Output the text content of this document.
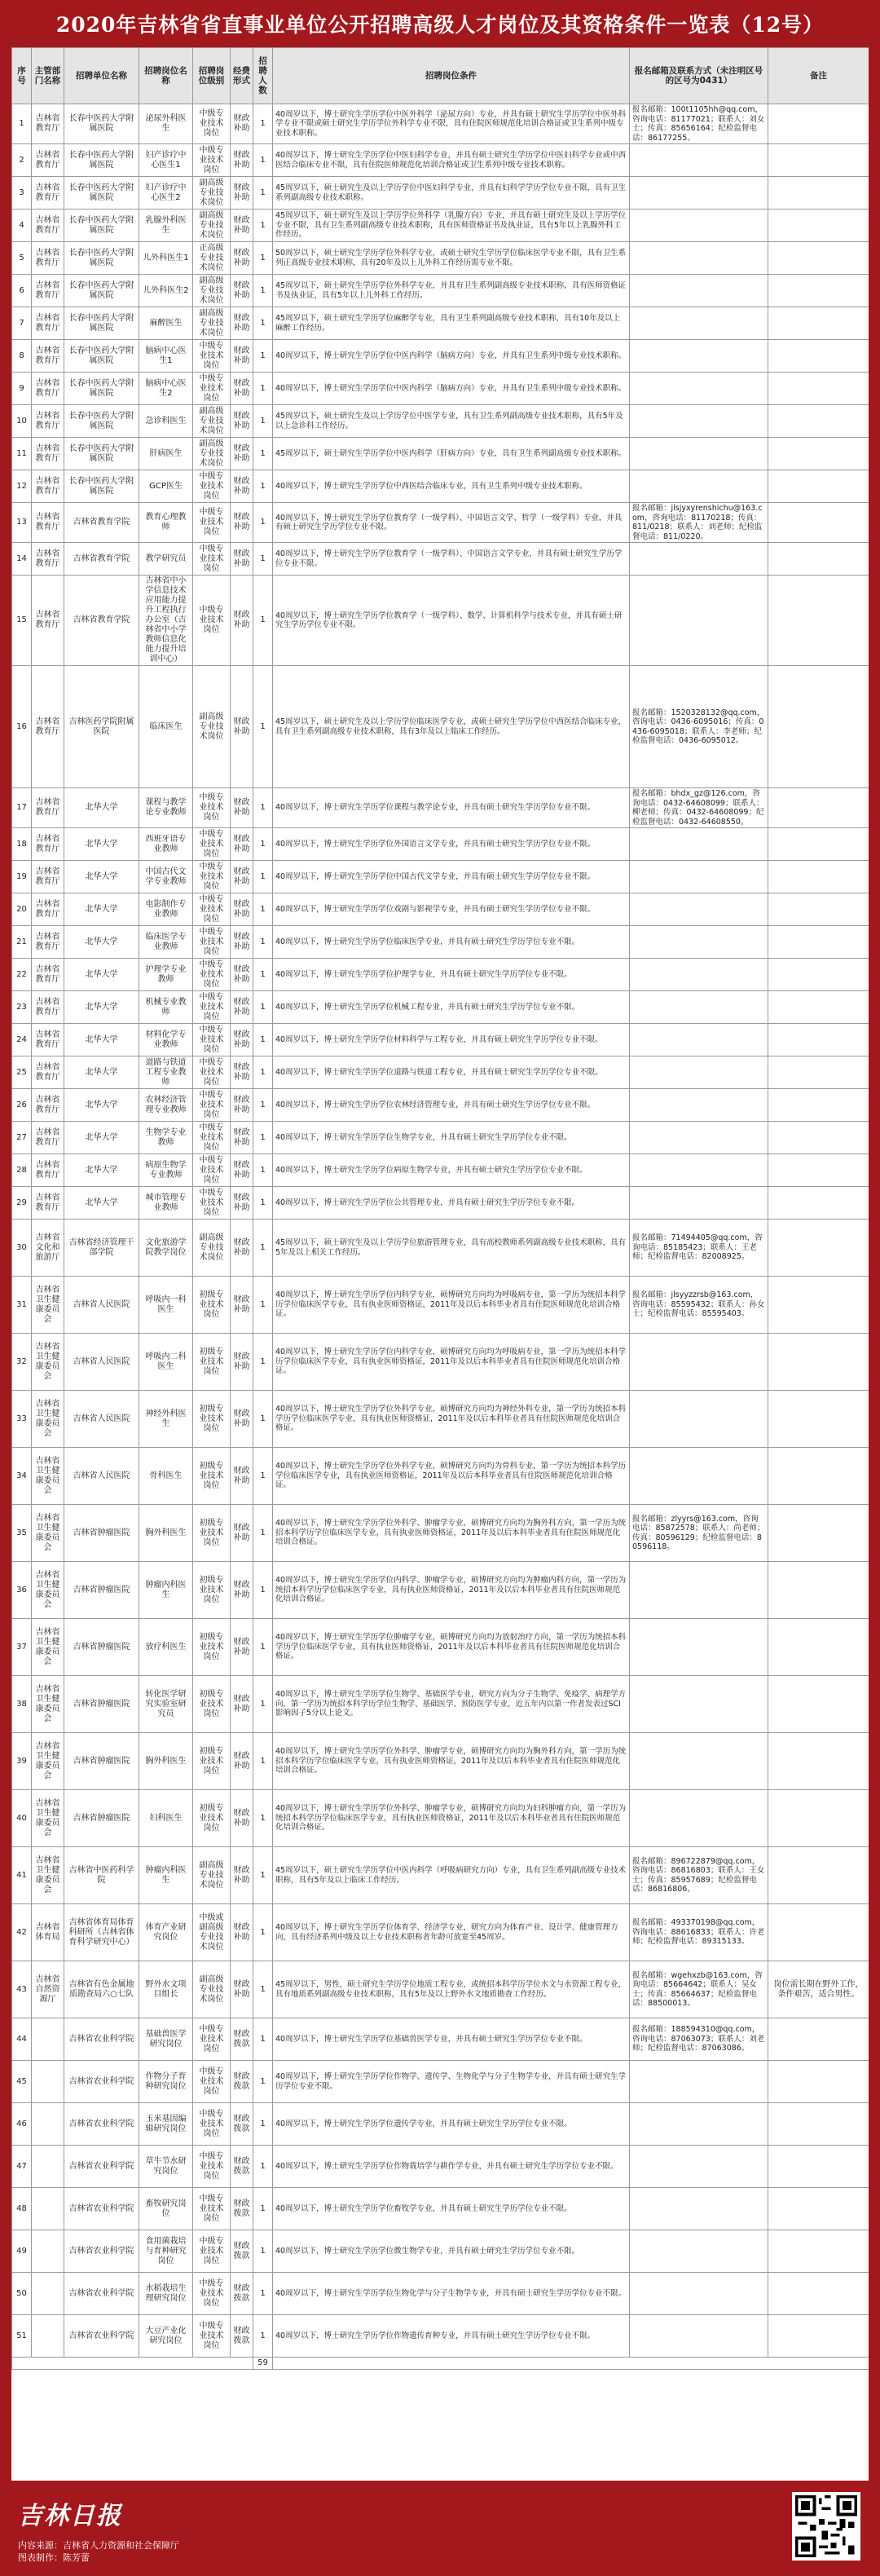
2020年吉林省省直事业单位公开招聘高级人才岗位及其资格条件一览表（12号）
序号	主管部门名称	招聘单位名称	招聘岗位名称	招聘岗位级别	经费形式	招聘人数	招聘岗位条件	报名邮箱及联系方式（未注明区号的区号为0431）	备注
1	吉林省教育厅	长春中医药大学附属医院	泌尿外科医生	中级专业技术岗位	财政补助	1	40周岁以下，博士研究生学历学位中医外科学（泌尿方向）专业，并具有硕士研究生学历学位中医外科学专业不限或硕士研究生学历学位外科学专业不限，具有住院医师规范化培训合格证或卫生系列中级专业技术职称。	报名邮箱：100t1105hh@qq.com，咨询电话：81177021；联系人：刘女士；传真：85656164；纪检监督电话：86177255。	
2	吉林省教育厅	长春中医药大学附属医院	妇产诊疗中心医生1	中级专业技术岗位	财政补助	1	40周岁以下，博士研究生学历学位中医妇科学专业，并具有硕士研究生学历学位中医妇科学专业或中西医结合临床专业不限，具有住院医师规范化培训合格证或卫生系列中级专业技术职称。		
3	吉林省教育厅	长春中医药大学附属医院	妇产诊疗中心医生2	副高级专业技术岗位	财政补助	1	45周岁以下，硕士研究生及以上学历学位中医妇科学专业，并具有妇科学学历学位专业不限，具有卫生系列副高级专业技术职称。		
4	吉林省教育厅	长春中医药大学附属医院	乳腺外科医生	副高级专业技术岗位	财政补助	1	45周岁以下，硕士研究生及以上学历学位外科学（乳腺方向）专业，并具有硕士研究生及以上学历学位专业不限，具有卫生系列副高级专业技术职称，具有医师资格证书及执业证，具有5年以上乳腺外科工作经历。		
5	吉林省教育厅	长春中医药大学附属医院	儿外科医生1	正高级专业技术岗位	财政补助	1	50周岁以下，硕士研究生学历学位外科学专业，或硕士研究生学历学位临床医学专业不限，具有卫生系列正高级专业技术职称，具有20年及以上儿外科工作经历需专业不限。		
6	吉林省教育厅	长春中医药大学附属医院	儿外科医生2	副高级专业技术岗位	财政补助	1	45周岁以下，硕士研究生学历学位外科学专业，并具有卫生系列副高级专业技术职称，具有医师资格证书及执业证，具有5年以上儿外科工作经历。		
7	吉林省教育厅	长春中医药大学附属医院	麻醉医生	副高级专业技术岗位	财政补助	1	45周岁以下，硕士研究生学历学位麻醉学专业，具有卫生系列副高级专业技术职称，具有10年及以上麻醉工作经历。		
8	吉林省教育厅	长春中医药大学附属医院	脑病中心医生1	中级专业技术岗位	财政补助	1	40周岁以下，博士研究生学历学位中医内科学（脑病方向）专业，并具有卫生系列中级专业技术职称。		
9	吉林省教育厅	长春中医药大学附属医院	脑病中心医生2	中级专业技术岗位	财政补助	1	40周岁以下，博士研究生学历学位中医内科学（脑病方向）专业，并具有卫生系列中级专业技术职称。		
10	吉林省教育厅	长春中医药大学附属医院	急诊科医生	副高级专业技术岗位	财政补助	1	45周岁以下，硕士研究生及以上学历学位中医学专业，具有卫生系列副高级专业技术职称，具有5年及以上急诊科工作经历。		
11	吉林省教育厅	长春中医药大学附属医院	肝病医生	副高级专业技术岗位	财政补助	1	45周岁以下，硕士研究生学历学位中医内科学（肝病方向）专业，具有卫生系列副高级专业技术职称。		
12	吉林省教育厅	长春中医药大学附属医院	GCP医生	中级专业技术岗位	财政补助	1	40周岁以下，博士研究生学历学位中西医结合临床专业，具有卫生系列中级专业技术职称。		
13	吉林省教育厅	吉林省教育学院	教育心理教师	中级专业技术岗位	财政补助	1	40周岁以下，博士研究生学历学位教育学（一级学科）、中国语言文学、哲学（一级学科）专业，并具有硕士研究生学历学位专业不限。	报名邮箱：jlsjyxyrenshichu@163.com，咨询电话：81170218；传真：811/0218；联系人：刘老师；纪检监督电话：811/0220。	
14	吉林省教育厅	吉林省教育学院	教学研究员	中级专业技术岗位	财政补助	1	40周岁以下，博士研究生学历学位教育学（一级学科）、中国语言文学专业，并具有硕士研究生学历学位专业不限。		
15	吉林省教育厅	吉林省教育学院	吉林省中小学信息技术应用能力提升工程执行办公室（吉林省中小学教师信息化能力提升培训中心）	中级专业技术岗位	财政补助	1	40周岁以下，博士研究生学历学位教育学（一级学科）、数学、计算机科学与技术专业，并具有硕士研究生学历学位专业不限。		
16	吉林省教育厅	吉林医药学院附属医院	临床医生	副高级专业技术岗位	财政补助	1	45周岁以下，硕士研究生及以上学历学位临床医学专业，或硕士研究生学历学位中西医结合临床专业，具有卫生系列副高级专业技术职称，具有3年及以上临床工作经历。	报名邮箱：1520328132@qq.com，咨询电话：0436-6095016；传真：0436-6095018；联系人：李老师；纪检监督电话：0436-6095012。	
17	吉林省教育厅	北华大学	课程与教学论专业教师	中级专业技术岗位	财政补助	1	40周岁以下，博士研究生学历学位课程与教学论专业，并具有硕士研究生学历学位专业不限。	报名邮箱：bhdx_gz@126.com，咨询电话：0432-64608099；联系人：柳老师；传真：0432-64608099；纪检监督电话：0432-64608550。	
18	吉林省教育厅	北华大学	西班牙语专业教师	中级专业技术岗位	财政补助	1	40周岁以下，博士研究生学历学位外国语言文学专业，并具有硕士研究生学历学位专业不限。		
19	吉林省教育厅	北华大学	中国古代文学专业教师	中级专业技术岗位	财政补助	1	40周岁以下，博士研究生学历学位中国古代文学专业，并具有硕士研究生学历学位专业不限。		
20	吉林省教育厅	北华大学	电影制作专业教师	中级专业技术岗位	财政补助	1	40周岁以下，博士研究生学历学位戏剧与影视学专业，并具有硕士研究生学历学位专业不限。		
21	吉林省教育厅	北华大学	临床医学专业教师	中级专业技术岗位	财政补助	1	40周岁以下，博士研究生学历学位临床医学专业，并具有硕士研究生学历学位专业不限。		
22	吉林省教育厅	北华大学	护理学专业教师	中级专业技术岗位	财政补助	1	40周岁以下，博士研究生学历学位护理学专业，并具有硕士研究生学历学位专业不限。		
23	吉林省教育厅	北华大学	机械专业教师	中级专业技术岗位	财政补助	1	40周岁以下，博士研究生学历学位机械工程专业，并具有硕士研究生学历学位专业不限。		
24	吉林省教育厅	北华大学	材料化学专业教师	中级专业技术岗位	财政补助	1	40周岁以下，博士研究生学历学位材料科学与工程专业，并具有硕士研究生学历学位专业不限。		
25	吉林省教育厅	北华大学	道路与铁道工程专业教师	中级专业技术岗位	财政补助	1	40周岁以下，博士研究生学历学位道路与铁道工程专业，并具有硕士研究生学历学位专业不限。		
26	吉林省教育厅	北华大学	农林经济管理专业教师	中级专业技术岗位	财政补助	1	40周岁以下，博士研究生学历学位农林经济管理专业，并具有硕士研究生学历学位专业不限。		
27	吉林省教育厅	北华大学	生物学专业教师	中级专业技术岗位	财政补助	1	40周岁以下，博士研究生学历学位生物学专业，并具有硕士研究生学历学位专业不限。		
28	吉林省教育厅	北华大学	病原生物学专业教师	中级专业技术岗位	财政补助	1	40周岁以下，博士研究生学历学位病原生物学专业，并具有硕士研究生学历学位专业不限。		
29	吉林省教育厅	北华大学	城市管理专业教师	中级专业技术岗位	财政补助	1	40周岁以下，博士研究生学历学位公共管理专业，并具有硕士研究生学历学位专业不限。		
30	吉林省文化和旅游厅	吉林省经济管理干部学院	文化旅游学院教学岗位	副高级专业技术岗位	财政补助	1	45周岁以下，硕士研究生及以上学历学位旅游管理专业，具有高校教师系列副高级专业技术职称，具有5年及以上相关工作经历。	报名邮箱：71494405@qq.com，咨询电话：85185423；联系人：王老师；纪检监督电话：82008925。	
31	吉林省卫生健康委员会	吉林省人民医院	呼吸内一科医生	初级专业技术岗位	财政补助	1	40周岁以下，博士研究生学历学位内科学专业，硕博研究方向均为呼吸病专业，第一学历为统招本科学历学位临床医学专业，具有执业医师资格证，2011年及以后本科毕业者具有住院医师规范化培训合格证。	报名邮箱：jlsyyzzrsb@163.com，咨询电话：85595432；联系人：孙女士；纪检监督电话：85595403。	
32	吉林省卫生健康委员会	吉林省人民医院	呼吸内二科医生	初级专业技术岗位	财政补助	1	40周岁以下，博士研究生学历学位内科学专业，硕博研究方向均为呼吸病专业，第一学历为统招本科学历学位临床医学专业，具有执业医师资格证，2011年及以后本科毕业者具有住院医师规范化培训合格证。		
33	吉林省卫生健康委员会	吉林省人民医院	神经外科医生	初级专业技术岗位	财政补助	1	40周岁以下，博士研究生学历学位外科学专业，硕博研究方向均为神经外科专业，第一学历为统招本科学历学位临床医学专业，具有执业医师资格证，2011年及以后本科毕业者具有住院医师规范化培训合格证。		
34	吉林省卫生健康委员会	吉林省人民医院	骨科医生	初级专业技术岗位	财政补助	1	40周岁以下，博士研究生学历学位外科学专业，硕博研究方向均为骨科专业，第一学历为统招本科学历学位临床医学专业，具有执业医师资格证，2011年及以后本科毕业者具有住院医师规范化培训合格证。		
35	吉林省卫生健康委员会	吉林省肿瘤医院	胸外科医生	初级专业技术岗位	财政补助	1	40周岁以下，博士研究生学历学位外科学、肿瘤学专业，硕博研究方向均为胸外科方向，第一学历为统招本科学历学位临床医学专业，具有执业医师资格证，2011年及以后本科毕业者具有住院医师规范化培训合格证。	报名邮箱：zlyyrs@163.com，咨询电话：85872578；联系人：尚老师；传真：80596129；纪检监督电话：80596118。	
36	吉林省卫生健康委员会	吉林省肿瘤医院	肿瘤内科医生	初级专业技术岗位	财政补助	1	40周岁以下，博士研究生学历学位内科学、肿瘤学专业，硕博研究方向均为肿瘤内科方向，第一学历为统招本科学历学位临床医学专业，具有执业医师资格证，2011年及以后本科毕业者具有住院医师规范化培训合格证。		
37	吉林省卫生健康委员会	吉林省肿瘤医院	放疗科医生	初级专业技术岗位	财政补助	1	40周岁以下，博士研究生学历学位肿瘤学专业，硕博研究方向均为放射治疗方向，第一学历为统招本科学历学位临床医学专业，具有执业医师资格证，2011年及以后本科毕业者具有住院医师规范化培训合格证。		
38	吉林省卫生健康委员会	吉林省肿瘤医院	转化医学研究实验室研究员	初级专业技术岗位	财政补助	1	40周岁以下，博士研究生学历学位生物学、基础医学专业，研究方向为分子生物学、免疫学、病理学方向，第一学历为统招本科学历学位生物学、基础医学、预防医学专业，近五年内以第一作者发表过SCI影响因子5分以上论文。		
39	吉林省卫生健康委员会	吉林省肿瘤医院	胸外科医生	初级专业技术岗位	财政补助	1	40周岁以下，博士研究生学历学位外科学、肿瘤学专业，硕博研究方向均为胸外科方向，第一学历为统招本科学历学位临床医学专业，具有执业医师资格证，2011年及以后本科毕业者具有住院医师规范化培训合格证。		
40	吉林省卫生健康委员会	吉林省肿瘤医院	妇科医生	初级专业技术岗位	财政补助	1	40周岁以下，博士研究生学历学位外科学、肿瘤学专业，硕博研究方向均为妇科肿瘤方向，第一学历为统招本科学历学位临床医学专业，具有执业医师资格证，2011年及以后本科毕业者具有住院医师规范化培训合格证。		
41	吉林省卫生健康委员会	吉林省中医药科学院	肿瘤内科医生	副高级专业技术岗位	财政补助	1	45周岁以下，硕士研究生学历学位中医内科学（呼吸病研究方向）专业，具有卫生系列副高级专业技术职称，具有5年及以上临床工作经历。	报名邮箱：896722879@qq.com，咨询电话：86816803；联系人：王女士；传真：85957689；纪检监督电话：86816806。	
42	吉林省体育局	吉林省体育局体育科研所（吉林省体育科学研究中心）	体育产业研究岗位	中级或副高级专业技术岗位	财政补助	1	40周岁以下，博士研究生学历学位体育学、经济学专业，研究方向为体育产业、设计学、健康管理方向，具有经济系列中级及以上专业技术职称者年龄可放宽至45周岁。	报名邮箱：493370198@qq.com，咨询电话：88616833；联系人：许老师；纪检监督电话：89315133。	
43	吉林省自然资源厅	吉林省有色金属地质勘查局六○七队	野外水文项目组长	副高级专业技术岗位	财政补助	1	45周岁以下，男性，硕士研究生学历学位地质工程专业，或统招本科学历学位水文与水资源工程专业，具有地质系列副高级专业技术职称，具有5年及以上野外水文地质勘查工作经历。	报名邮箱：wgehxzb@163.com，咨询电话：85664642；联系人：吴女士；传真：85664637；纪检监督电话：88500013。	岗位需长期在野外工作，条件艰苦，适合男性。
44		吉林省农业科学院	基础兽医学研究岗位	中级专业技术岗位	财政拨款	1	40周岁以下，博士研究生学历学位基础兽医学专业，并具有硕士研究生学历学位专业不限。	报名邮箱：188594310@qq.com，咨询电话：87063073；联系人：刘老师；纪检监督电话：87063086。	
45		吉林省农业科学院	作物分子育种研究岗位	中级专业技术岗位	财政拨款	1	40周岁以下，博士研究生学历学位作物学、遗传学、生物化学与分子生物学专业，并具有硕士研究生学历学位专业不限。		
46		吉林省农业科学院	玉米基因编辑研究岗位	中级专业技术岗位	财政拨款	1	40周岁以下，博士研究生学历学位遗传学专业，并具有硕士研究生学历学位专业不限。		
47		吉林省农业科学院	草牛节水研究岗位	中级专业技术岗位	财政拨款	1	40周岁以下，博士研究生学历学位作物栽培学与耕作学专业，并具有硕士研究生学历学位专业不限。		
48		吉林省农业科学院	畜牧研究岗位	中级专业技术岗位	财政拨款	1	40周岁以下，博士研究生学历学位畜牧学专业，并具有硕士研究生学历学位专业不限。		
49		吉林省农业科学院	食用菌栽培与育种研究岗位	中级专业技术岗位	财政拨款	1	40周岁以下，博士研究生学历学位微生物学专业，并具有硕士研究生学历学位专业不限。		
50		吉林省农业科学院	水稻栽培生理研究岗位	中级专业技术岗位	财政拨款	1	40周岁以下，博士研究生学历学位生物化学与分子生物学专业，并具有硕士研究生学历学位专业不限。		
51		吉林省农业科学院	大豆产业化研究岗位	中级专业技术岗位	财政拨款	1	40周岁以下，博士研究生学历学位作物遗传育种专业，并具有硕士研究生学历学位专业不限。		
						59			
吉林日报
内容来源：吉林省人力资源和社会保障厅
图表制作：陈芳蕾
